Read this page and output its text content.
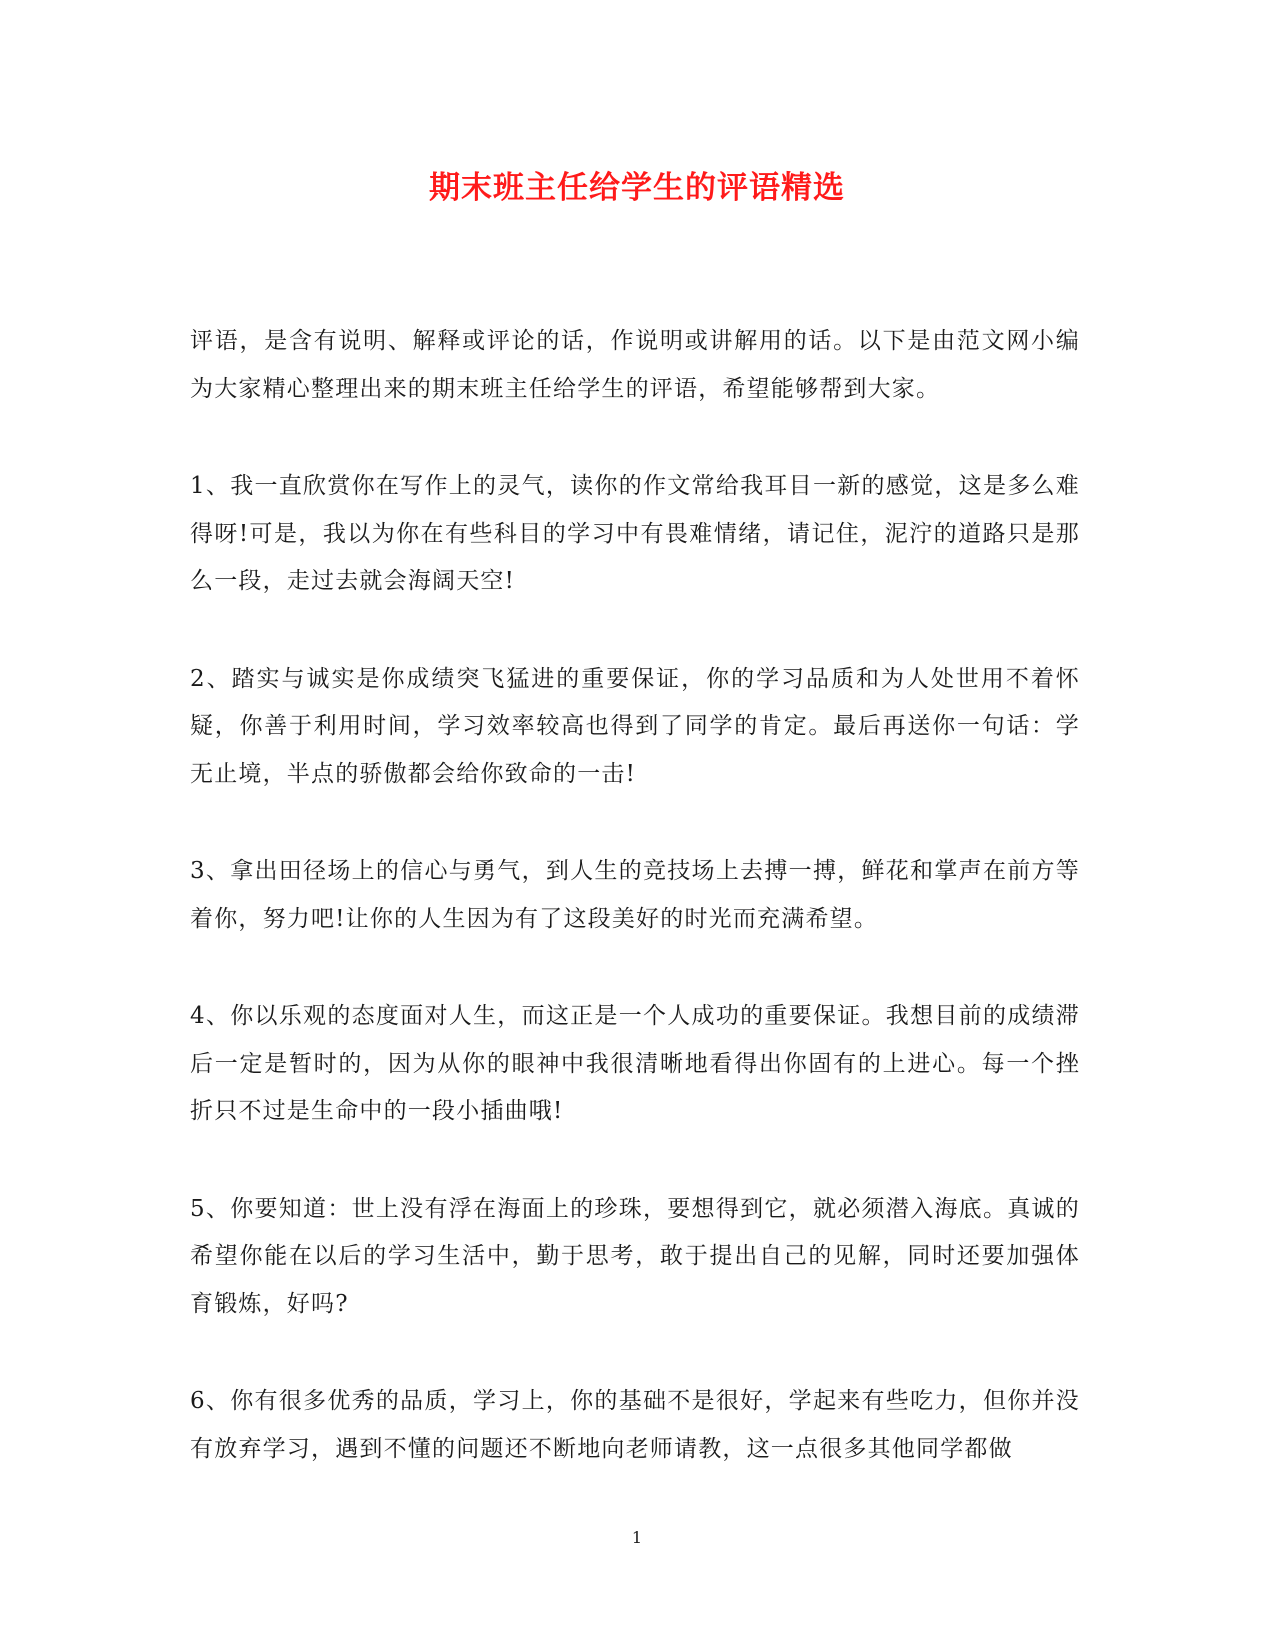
期末班主任给学生的评语精选

评语，是含有说明、解释或评论的话，作说明或讲解用的话。以下是由范文网小编为大家精心整理出来的期末班主任给学生的评语，希望能够帮到大家。

1、我一直欣赏你在写作上的灵气，读你的作文常给我耳目一新的感觉，这是多么难得呀!可是，我以为你在有些科目的学习中有畏难情绪，请记住，泥泞的道路只是那么一段，走过去就会海阔天空!

2、踏实与诚实是你成绩突飞猛进的重要保证，你的学习品质和为人处世用不着怀疑，你善于利用时间，学习效率较高也得到了同学的肯定。最后再送你一句话：学无止境，半点的骄傲都会给你致命的一击!

3、拿出田径场上的信心与勇气，到人生的竞技场上去搏一搏，鲜花和掌声在前方等着你，努力吧!让你的人生因为有了这段美好的时光而充满希望。

4、你以乐观的态度面对人生，而这正是一个人成功的重要保证。我想目前的成绩滞后一定是暂时的，因为从你的眼神中我很清晰地看得出你固有的上进心。每一个挫折只不过是生命中的一段小插曲哦!

5、你要知道：世上没有浮在海面上的珍珠，要想得到它，就必须潜入海底。真诚的希望你能在以后的学习生活中，勤于思考，敢于提出自己的见解，同时还要加强体育锻炼，好吗?

6、你有很多优秀的品质，学习上，你的基础不是很好，学起来有些吃力，但你并没有放弃学习，遇到不懂的问题还不断地向老师请教，这一点很多其他同学都做

1
